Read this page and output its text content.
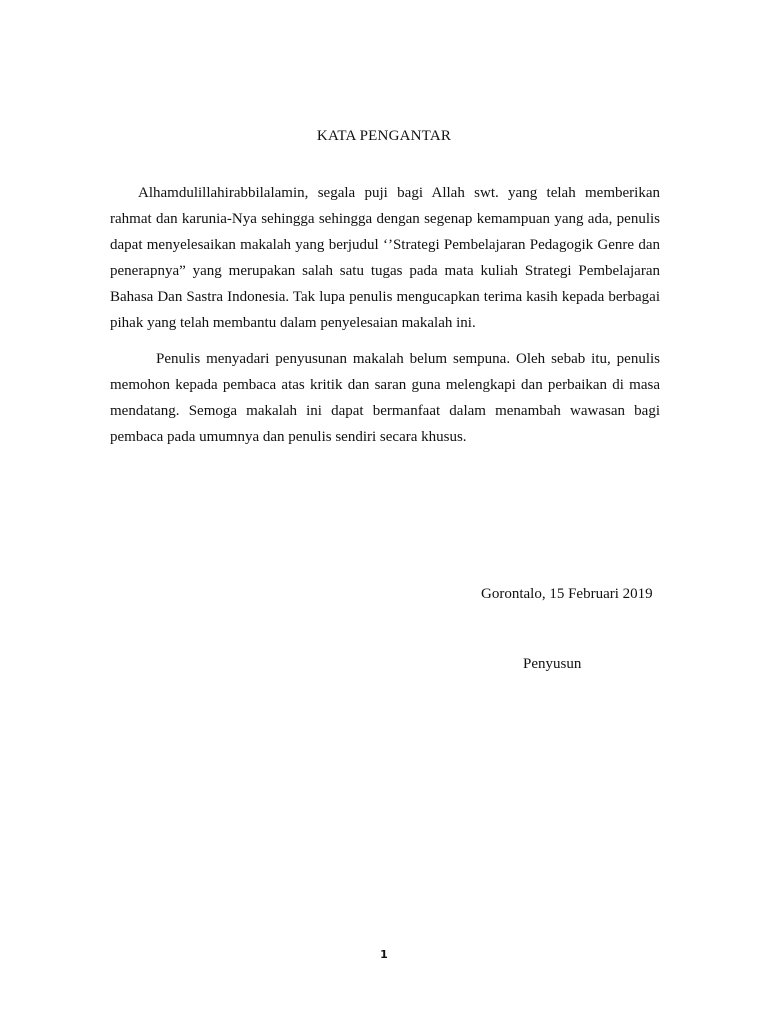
KATA PENGANTAR

Alhamdulillahirabbilalamin, segala puji bagi Allah swt. yang telah memberikan rahmat dan karunia-Nya sehingga sehingga dengan segenap kemampuan yang ada, penulis dapat menyelesaikan makalah yang berjudul ‘’Strategi Pembelajaran Pedagogik Genre dan penerapnya” yang merupakan salah satu tugas pada mata kuliah Strategi Pembelajaran Bahasa Dan Sastra Indonesia. Tak lupa penulis mengucapkan terima kasih kepada berbagai pihak yang telah membantu dalam penyelesaian makalah ini.

Penulis menyadari penyusunan makalah belum sempuna. Oleh sebab itu, penulis memohon kepada pembaca atas kritik dan saran guna melengkapi dan perbaikan di masa mendatang. Semoga makalah ini dapat bermanfaat dalam menambah wawasan bagi pembaca pada umumnya dan penulis sendiri secara khusus.

Gorontalo, 15 Februari 2019
Penyusun
1
